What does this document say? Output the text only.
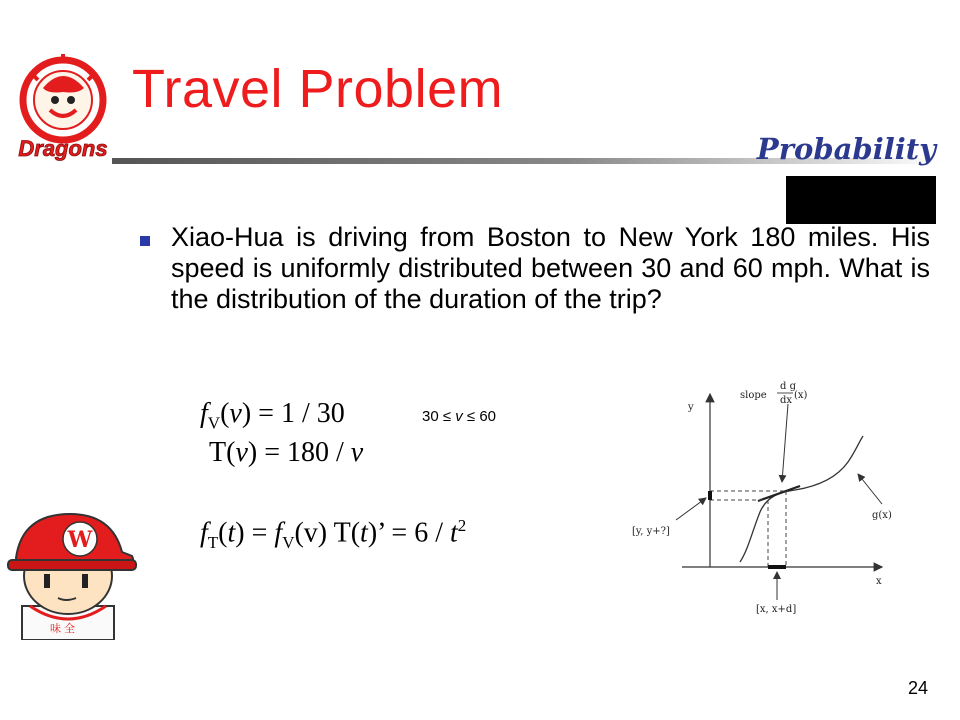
Dragons
Travel Problem
Probability
Xiao-Hua is driving from Boston to New York 180 miles. His speed is uniformly distributed between 30 and 60 mph. What is the distribution of the duration of the trip?
$f_V(v) = 1 / 30$	30 ≤ v ≤ 60
T(v) = 180 / v
$f_T(t) = f_V(v) T(t)$’ = $6 / t^2$
y
x
slope
d g
dx (x)
g(x)
[y, y+?]
[x, x+d]
味 全
W
24
